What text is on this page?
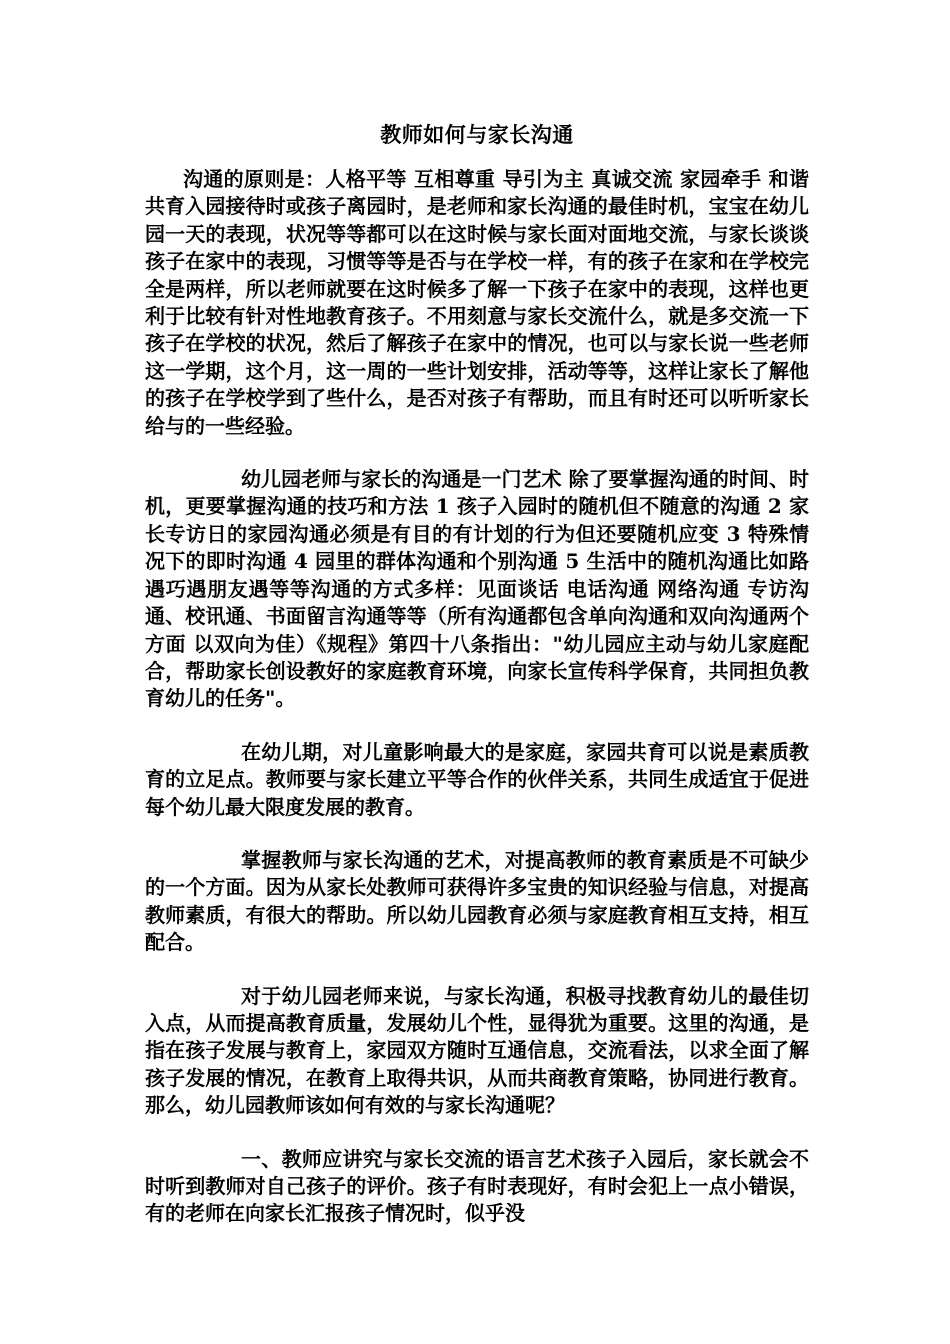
教师如何与家长沟通

沟通的原则是：人格平等 互相尊重 导引为主 真诚交流 家园牵手 和谐共育入园接待时或孩子离园时，是老师和家长沟通的最佳时机，宝宝在幼儿园一天的表现，状况等等都可以在这时候与家长面对面地交流，与家长谈谈孩子在家中的表现，习惯等等是否与在学校一样，有的孩子在家和在学校完全是两样，所以老师就要在这时候多了解一下孩子在家中的表现，这样也更利于比较有针对性地教育孩子。不用刻意与家长交流什么，就是多交流一下孩子在学校的状况，然后了解孩子在家中的情况，也可以与家长说一些老师这一学期，这个月，这一周的一些计划安排，活动等等，这样让家长了解他的孩子在学校学到了些什么，是否对孩子有帮助，而且有时还可以听听家长给与的一些经验。

幼儿园老师与家长的沟通是一门艺术 除了要掌握沟通的时间、时机，更要掌握沟通的技巧和方法 1 孩子入园时的随机但不随意的沟通 2 家长专访日的家园沟通必须是有目的有计划的行为但还要随机应变 3 特殊情况下的即时沟通 4 园里的群体沟通和个别沟通 5 生活中的随机沟通比如路遇巧遇朋友遇等等沟通的方式多样：见面谈话 电话沟通 网络沟通 专访沟通、校讯通、书面留言沟通等等（所有沟通都包含单向沟通和双向沟通两个方面 以双向为佳）《规程》第四十八条指出："幼儿园应主动与幼儿家庭配合，帮助家长创设教好的家庭教育环境，向家长宣传科学保育，共同担负教育幼儿的任务"。

在幼儿期，对儿童影响最大的是家庭，家园共育可以说是素质教育的立足点。教师要与家长建立平等合作的伙伴关系，共同生成适宜于促进每个幼儿最大限度发展的教育。

掌握教师与家长沟通的艺术，对提高教师的教育素质是不可缺少的一个方面。因为从家长处教师可获得许多宝贵的知识经验与信息，对提高教师素质，有很大的帮助。所以幼儿园教育必须与家庭教育相互支持，相互配合。

对于幼儿园老师来说，与家长沟通，积极寻找教育幼儿的最佳切入点，从而提高教育质量，发展幼儿个性，显得犹为重要。这里的沟通，是指在孩子发展与教育上，家园双方随时互通信息，交流看法，以求全面了解孩子发展的情况，在教育上取得共识，从而共商教育策略，协同进行教育。那么，幼儿园教师该如何有效的与家长沟通呢？

一、教师应讲究与家长交流的语言艺术孩子入园后，家长就会不时听到教师对自己孩子的评价。孩子有时表现好，有时会犯上一点小错误，有的老师在向家长汇报孩子情况时，似乎没
